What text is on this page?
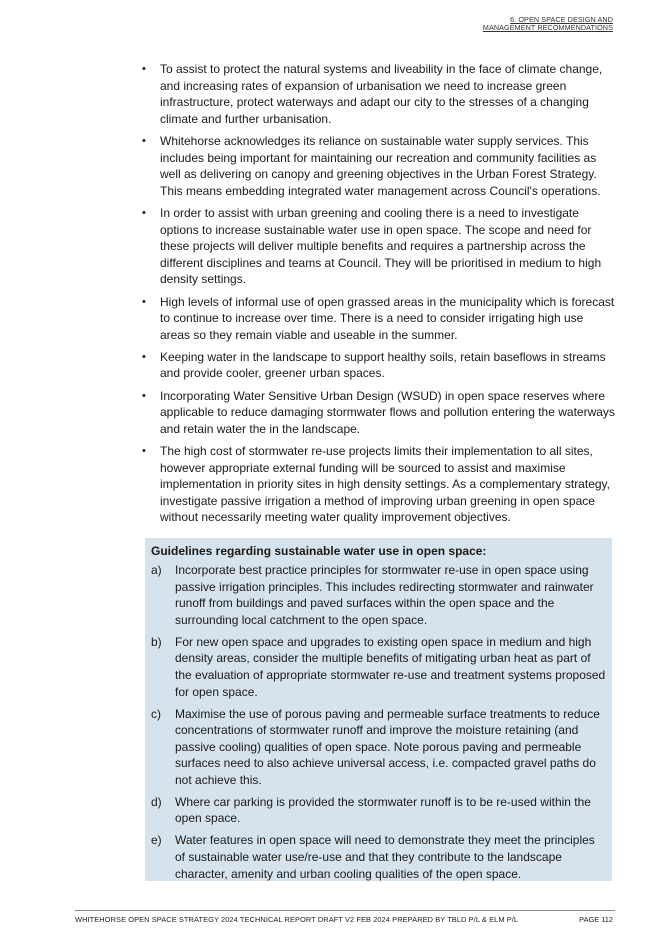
6. OPEN SPACE DESIGN AND
MANAGEMENT RECOMMENDATIONS
• To assist to protect the natural systems and liveability in the face of climate change, and increasing rates of expansion of urbanisation we need to increase green infrastructure, protect waterways and adapt our city to the stresses of a changing climate and further urbanisation.
• Whitehorse acknowledges its reliance on sustainable water supply services. This includes being important for maintaining our recreation and community facilities as well as delivering on canopy and greening objectives in the Urban Forest Strategy. This means embedding integrated water management across Council's operations.
• In order to assist with urban greening and cooling there is a need to investigate options to increase sustainable water use in open space. The scope and need for these projects will deliver multiple benefits and requires a partnership across the different disciplines and teams at Council. They will be prioritised in medium to high density settings.
• High levels of informal use of open grassed areas in the municipality which is forecast to continue to increase over time. There is a need to consider irrigating high use areas so they remain viable and useable in the summer.
• Keeping water in the landscape to support healthy soils, retain baseflows in streams and provide cooler, greener urban spaces.
• Incorporating Water Sensitive Urban Design (WSUD) in open space reserves where applicable to reduce damaging stormwater flows and pollution entering the waterways and retain water the in the landscape.
• The high cost of stormwater re-use projects limits their implementation to all sites, however appropriate external funding will be sourced to assist and maximise implementation in priority sites in high density settings. As a complementary strategy, investigate passive irrigation a method of improving urban greening in open space without necessarily meeting water quality improvement objectives.
Guidelines regarding sustainable water use in open space:
a) Incorporate best practice principles for stormwater re-use in open space using passive irrigation principles. This includes redirecting stormwater and rainwater runoff from buildings and paved surfaces within the open space and the surrounding local catchment to the open space.
b) For new open space and upgrades to existing open space in medium and high density areas, consider the multiple benefits of mitigating urban heat as part of the evaluation of appropriate stormwater re-use and treatment systems proposed for open space.
c) Maximise the use of porous paving and permeable surface treatments to reduce concentrations of stormwater runoff and improve the moisture retaining (and passive cooling) qualities of open space. Note porous paving and permeable surfaces need to also achieve universal access, i.e. compacted gravel paths do not achieve this.
d) Where car parking is provided the stormwater runoff is to be re-used within the open space.
e) Water features in open space will need to demonstrate they meet the principles of sustainable water use/re-use and that they contribute to the landscape character, amenity and urban cooling qualities of the open space.
WHITEHORSE OPEN SPACE STRATEGY 2024 TECHNICAL REPORT DRAFT V2 FEB 2024 PREPARED BY TBLD P/L & ELM P/L	PAGE 112
